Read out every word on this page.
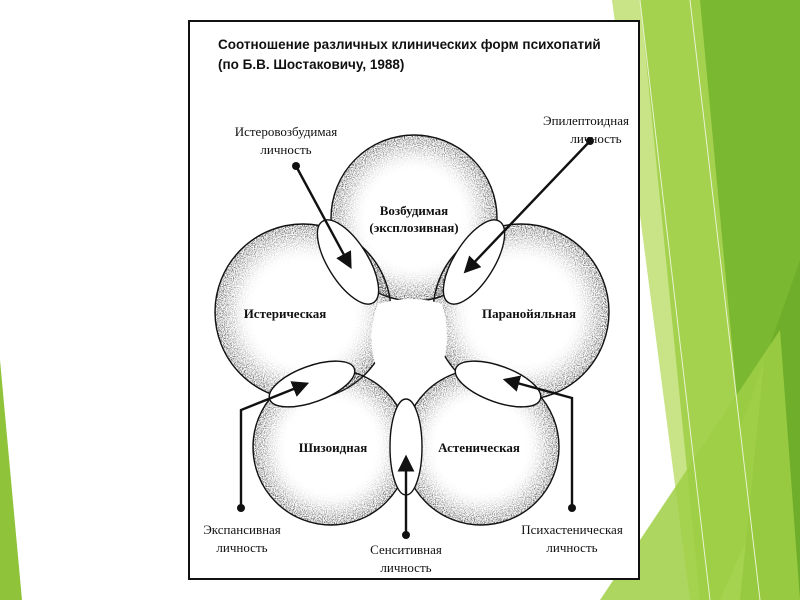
Соотношение различных клинических форм психопатий
(по Б.В. Шостаковичу, 1988)
Возбудимая
(эксплозивная)
Истерическая	Паранойяльная
Шизоидная	Астеническая
Истеровозбудимая
личность
Эпилептоидная
личность
Экспансивная
личность	Сенситивная
личность
Психастеническая
личность
